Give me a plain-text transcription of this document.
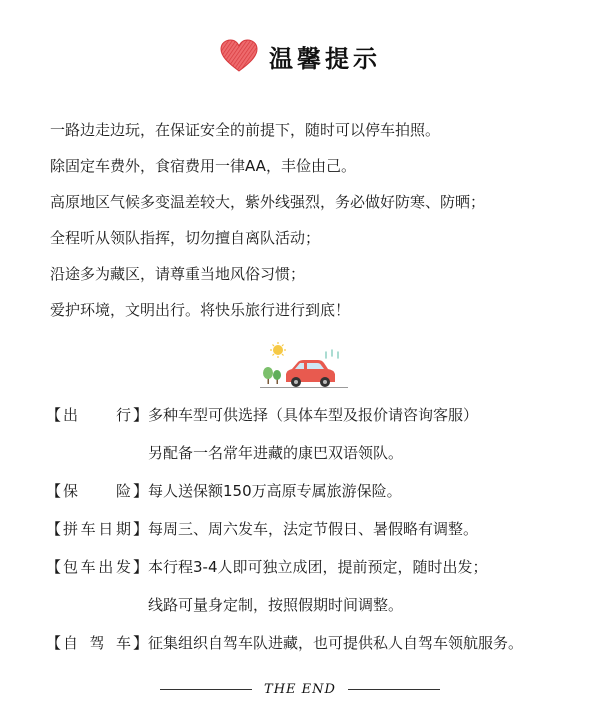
温馨提示
一路边走边玩，在保证安全的前提下，随时可以停车拍照。
除固定车费外，食宿费用一律AA，丰俭由己。
高原地区气候多变温差较大，紫外线强烈，务必做好防寒、防晒；
全程听从领队指挥，切勿擅自离队活动；
沿途多为藏区，请尊重当地风俗习惯；
爱护环境，文明出行。将快乐旅行进行到底！
【 出	行 】 多种车型可供选择（具体车型及报价请咨询客服）
另配备一名常年进藏的康巴双语领队。
【 保	险 】 每人送保额150万高原专属旅游保险。
【 拼 车 日 期 】 每周三、周六发车，法定节假日、暑假略有调整。
【 包 车 出 发 】 本行程3-4人即可独立成团，提前预定，随时出发；
线路可量身定制，按照假期时间调整。
【 自 驾 车 】 征集组织自驾车队进藏，也可提供私人自驾车领航服务。
THE END
